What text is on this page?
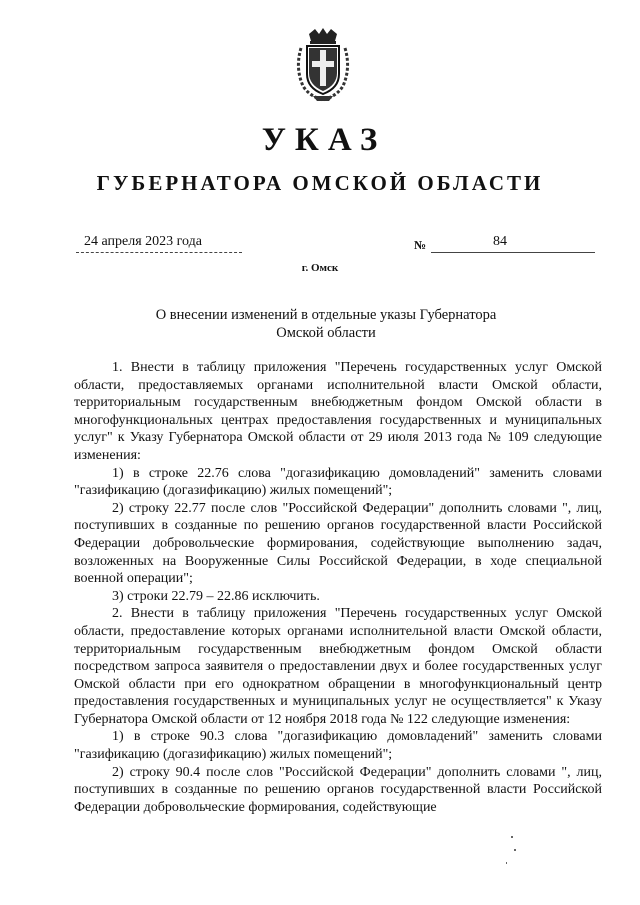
УКАЗ
ГУБЕРНАТОРА ОМСКОЙ ОБЛАСТИ
24 апреля 2023 года	№	84
г. Омск
О внесении изменений в отдельные указы Губернатора
Омской области

1. Внести в таблицу приложения "Перечень государственных услуг Омской области, предоставляемых органами исполнительной власти Омской области, территориальным государственным внебюджетным фондом Омской области в многофункциональных центрах предоставления государственных и муниципальных услуг" к Указу Губернатора Омской области от 29 июля 2013 года № 109 следующие изменения:

1) в строке 22.76 слова "догазификацию домовладений" заменить словами "газификацию (догазификацию) жилых помещений";

2) строку 22.77 после слов "Российской Федерации" дополнить словами ", лиц, поступивших в созданные по решению органов государственной власти Российской Федерации добровольческие формирования, содействующие выполнению задач, возложенных на Вооруженные Силы Российской Федерации, в ходе специальной военной операции";

3) строки 22.79 – 22.86 исключить.

2. Внести в таблицу приложения "Перечень государственных услуг Омской области, предоставление которых органами исполнительной власти Омской области, территориальным государственным внебюджетным фондом Омской области посредством запроса заявителя о предоставлении двух и более государственных услуг Омской области при его однократном обращении в многофункциональный центр предоставления государственных и муниципальных услуг не осуществляется" к Указу Губернатора Омской области от 12 ноября 2018 года № 122 следующие изменения:

1) в строке 90.3 слова "догазификацию домовладений" заменить словами "газификацию (догазификацию) жилых помещений";

2) строку 90.4 после слов "Российской Федерации" дополнить словами ", лиц, поступивших в созданные по решению органов государственной власти Российской Федерации добровольческие формирования, содействующие
